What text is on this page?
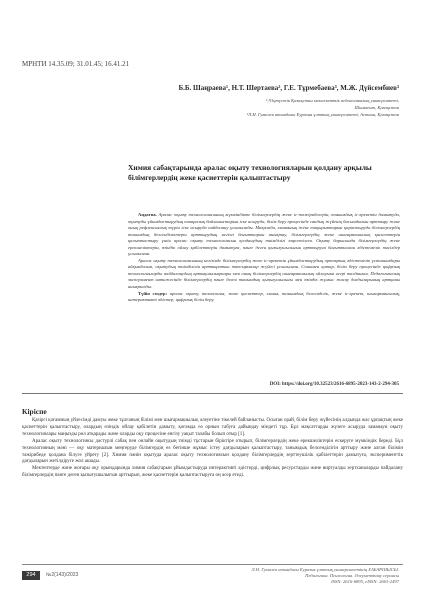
МРНТИ 14.35.09; 31.01.45; 16.41.21
Б.Б. Шаңраева¹, Н.Т. Шертаева², Г.Е. Тұрмебаева³, М.Ж. Дүйсембиев³
¹,²Оңтүстік Қазақстан мемлекеттік педагогикалық университеті,
Шымкент, Қазақстан
³Л.Н. Гумилев атындағы Еуразия ұлттық университеті, Астана, Қазақстан
Химия сабақтарында аралас оқыту технологияларын қолдану арқылы білімгерлердің жеке қасиеттерін қалыптастыру

Аңдатпа. Аралас оқыту технологиясының мүмкіндікте білімгерлердің жеке іс-тәжірибелерін, танымдық іс-әрекетін дамытуда, оқытуды ұйымдастырудың пәнаралық байланыстарын іске асыруда, білім беру процесінде сандық жүйенің басымдығын арттыру және оның рефлексиялық түрін іске асыруда пайдалану ұсынылады. Мақалада, химияның жеке тақырыптарын қарастыруда білімгерлердің танымдық белсенділіктерін арттырудың негізгі бағыттарын анықтау, білімгерлердің жеке шығармашылық қасиеттерін қалыптастыру үшін аралас оқыту технологиясын қолданудың тиімділігі көрсетілген. Оқыту барысында білімгерлердің жеке ерекшеліктерін, өзіндік ойлау қабілеттерін дамытуға, пәнге деген қызығушылығын арттыруға бағытталған әдістемелік тәсілдер ұсынылған.

Аралас оқыту технологиясының негізінде білімгерлердің жеке іс-әрекетін ұйымдастырудың ортақтық әдістемелік ұстанымдары айқындалып, оқытудың тиімділігін арттыратын тапсырмалар жүйесі ұсынылған. Сонымен қатар, білім беру процесінде цифрлық технологияларды пайдаланудың артықшылықтары мен оның білімгерлердің шығармашылық ойлауына әсері талданған. Педагогикалық эксперимент нәтижесінде білімгерлердің пәнге деген танымдық қызығушылығы мен өзіндік жұмыс жасау дағдыларының артқаны анықталды.

Түйін сөздер: аралас оқыту, технология, жеке қасиеттер, химия, танымдық белсенділік, жеке іс-әрекет, шығармашылық, интерактивті әдістер, цифрлық білім беру.

DOI: https://doi.org/10.32523/2616-6895-2023-143-2-294-305
Кіріспе

Қазіргі қоғамның үйлесімді дамуы жеке тұлғаның білімі мен шығармашылық әлеуетіне тікелей байланысты. Осыған орай, білім беру жүйесінің алдында жас ұрпақтың жеке қасиеттерін қалыптастыру, олардың өзіндік ойлау қабілетін дамыту, қоғамда өз орнын табуға дайындау міндеті тұр. Бұл мақсаттарды жүзеге асыруда заманауи оқыту технологиялары маңызды рөл атқарады және оларды оқу процесіне енгізу уақыт талабы болып отыр [1].

Аралас оқыту технологиясы дәстүрлі сабақ пен онлайн оқытудың тиімді тұстарын біріктіре отырып, білімгерлердің жеке ерекшеліктерін ескеруге мүмкіндік береді. Бұл технологияның мәні — оқу материалын меңгеруде білімгердің өз бетінше жұмыс істеу дағдыларын қалыптастыру, танымдық белсенділігін арттыру және алған білімін тәжірибеде қолдана білуге үйрету [2]. Химия пәнін оқытуда аралас оқыту технологиясын қолдану білімгерлердің зерттеушілік қабілеттерін дамытуға, эксперименттік дағдыларын жетілдіруге жол ашады.

Мектептерде және жоғары оқу орындарында химия сабақтарын ұйымдастыруда интерактивті әдістерді, цифрлық ресурстарды және виртуалды зертханаларды пайдалану білімгерлердің пәнге деген қызығушылығын арттырып, жеке қасиеттерін қалыптастыруға оң әсер етеді.

294	№2(143)/2023
Л.Н. Гумилев атындағы Еуразия ұлттық университетінің ХАБАРШЫСЫ.
Педагогика. Психология. Әлеуметтану сериясы
ISSN: 2616-6895, eISSN: 2663-2497
